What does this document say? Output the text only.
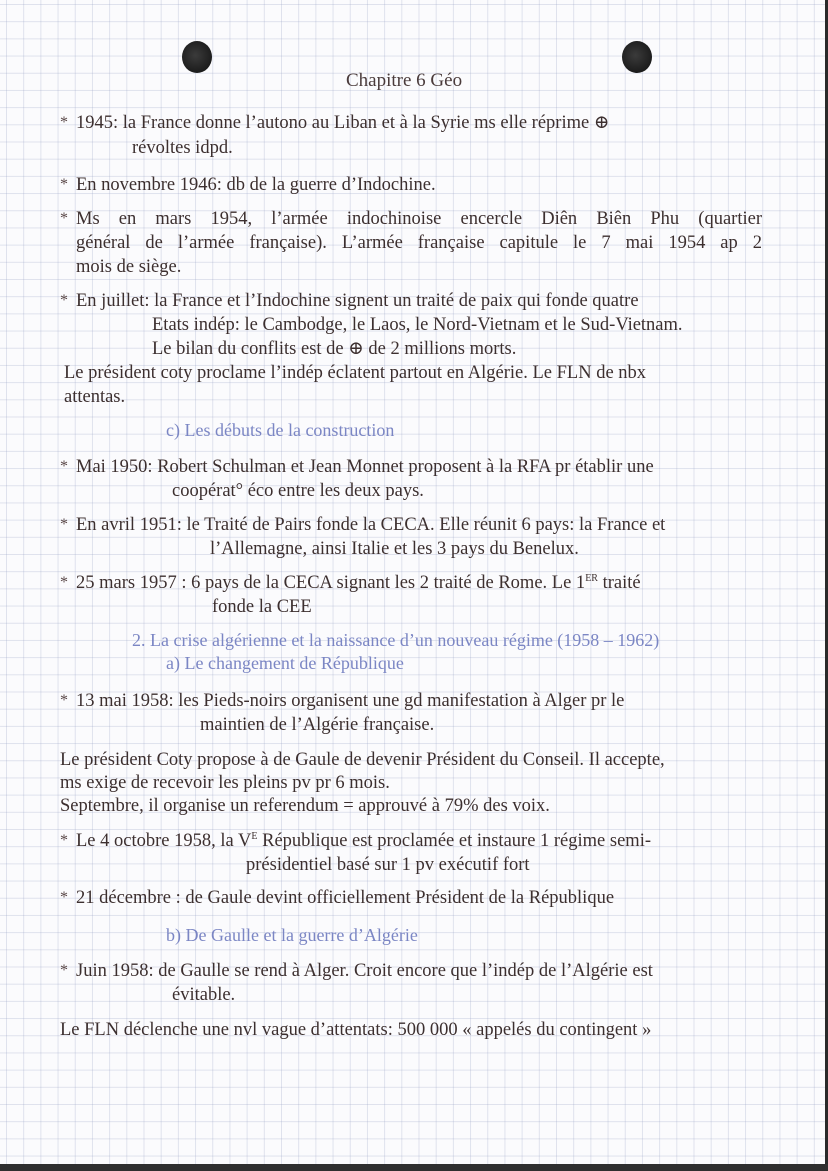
Chapitre 6 Géo
* 1945: la France donne l’autono au Liban et à la Syrie ms elle réprime ⊕
révoltes idpd.
* En novembre 1946: db de la guerre d’Indochine.
* Ms en mars 1954, l’armée indochinoise encercle Diên Biên Phu (quartier
général de l’armée française). L’armée française capitule le 7 mai 1954 ap 2
mois de siège.
* En juillet: la France et l’Indochine signent un traité de paix qui fonde quatre
Etats indép: le Cambodge, le Laos, le Nord-Vietnam et le Sud-Vietnam.
Le bilan du conflits est de ⊕ de 2 millions morts.
Le président coty proclame l’indép éclatent partout en Algérie. Le FLN de nbx
attentas.
c) Les débuts de la construction
* Mai 1950: Robert Schulman et Jean Monnet proposent à la RFA pr établir une
coopérat° éco entre les deux pays.
* En avril 1951: le Traité de Pairs fonde la CECA. Elle réunit 6 pays: la France et
l’Allemagne, ainsi Italie et les 3 pays du Benelux.
* 25 mars 1957 : 6 pays de la CECA signant les 2 traité de Rome. Le 1ER traité
fonde la CEE
2. La crise algérienne et la naissance d’un nouveau régime (1958 – 1962)
a) Le changement de République
* 13 mai 1958: les Pieds-noirs organisent une gd manifestation à Alger pr le
maintien de l’Algérie française.
Le président Coty propose à de Gaule de devenir Président du Conseil. Il accepte,
ms exige de recevoir les pleins pv pr 6 mois.
Septembre, il organise un referendum = approuvé à 79% des voix.
* Le 4 octobre 1958, la $V^E$ République est proclamée et instaure 1 régime semi-
présidentiel basé sur 1 pv exécutif fort
* 21 décembre : de Gaule devint officiellement Président de la République
b) De Gaulle et la guerre d’Algérie
* Juin 1958: de Gaulle se rend à Alger. Croit encore que l’indép de l’Algérie est
évitable.
Le FLN déclenche une nvl vague d’attentats: 500 000 « appelés du contingent »
